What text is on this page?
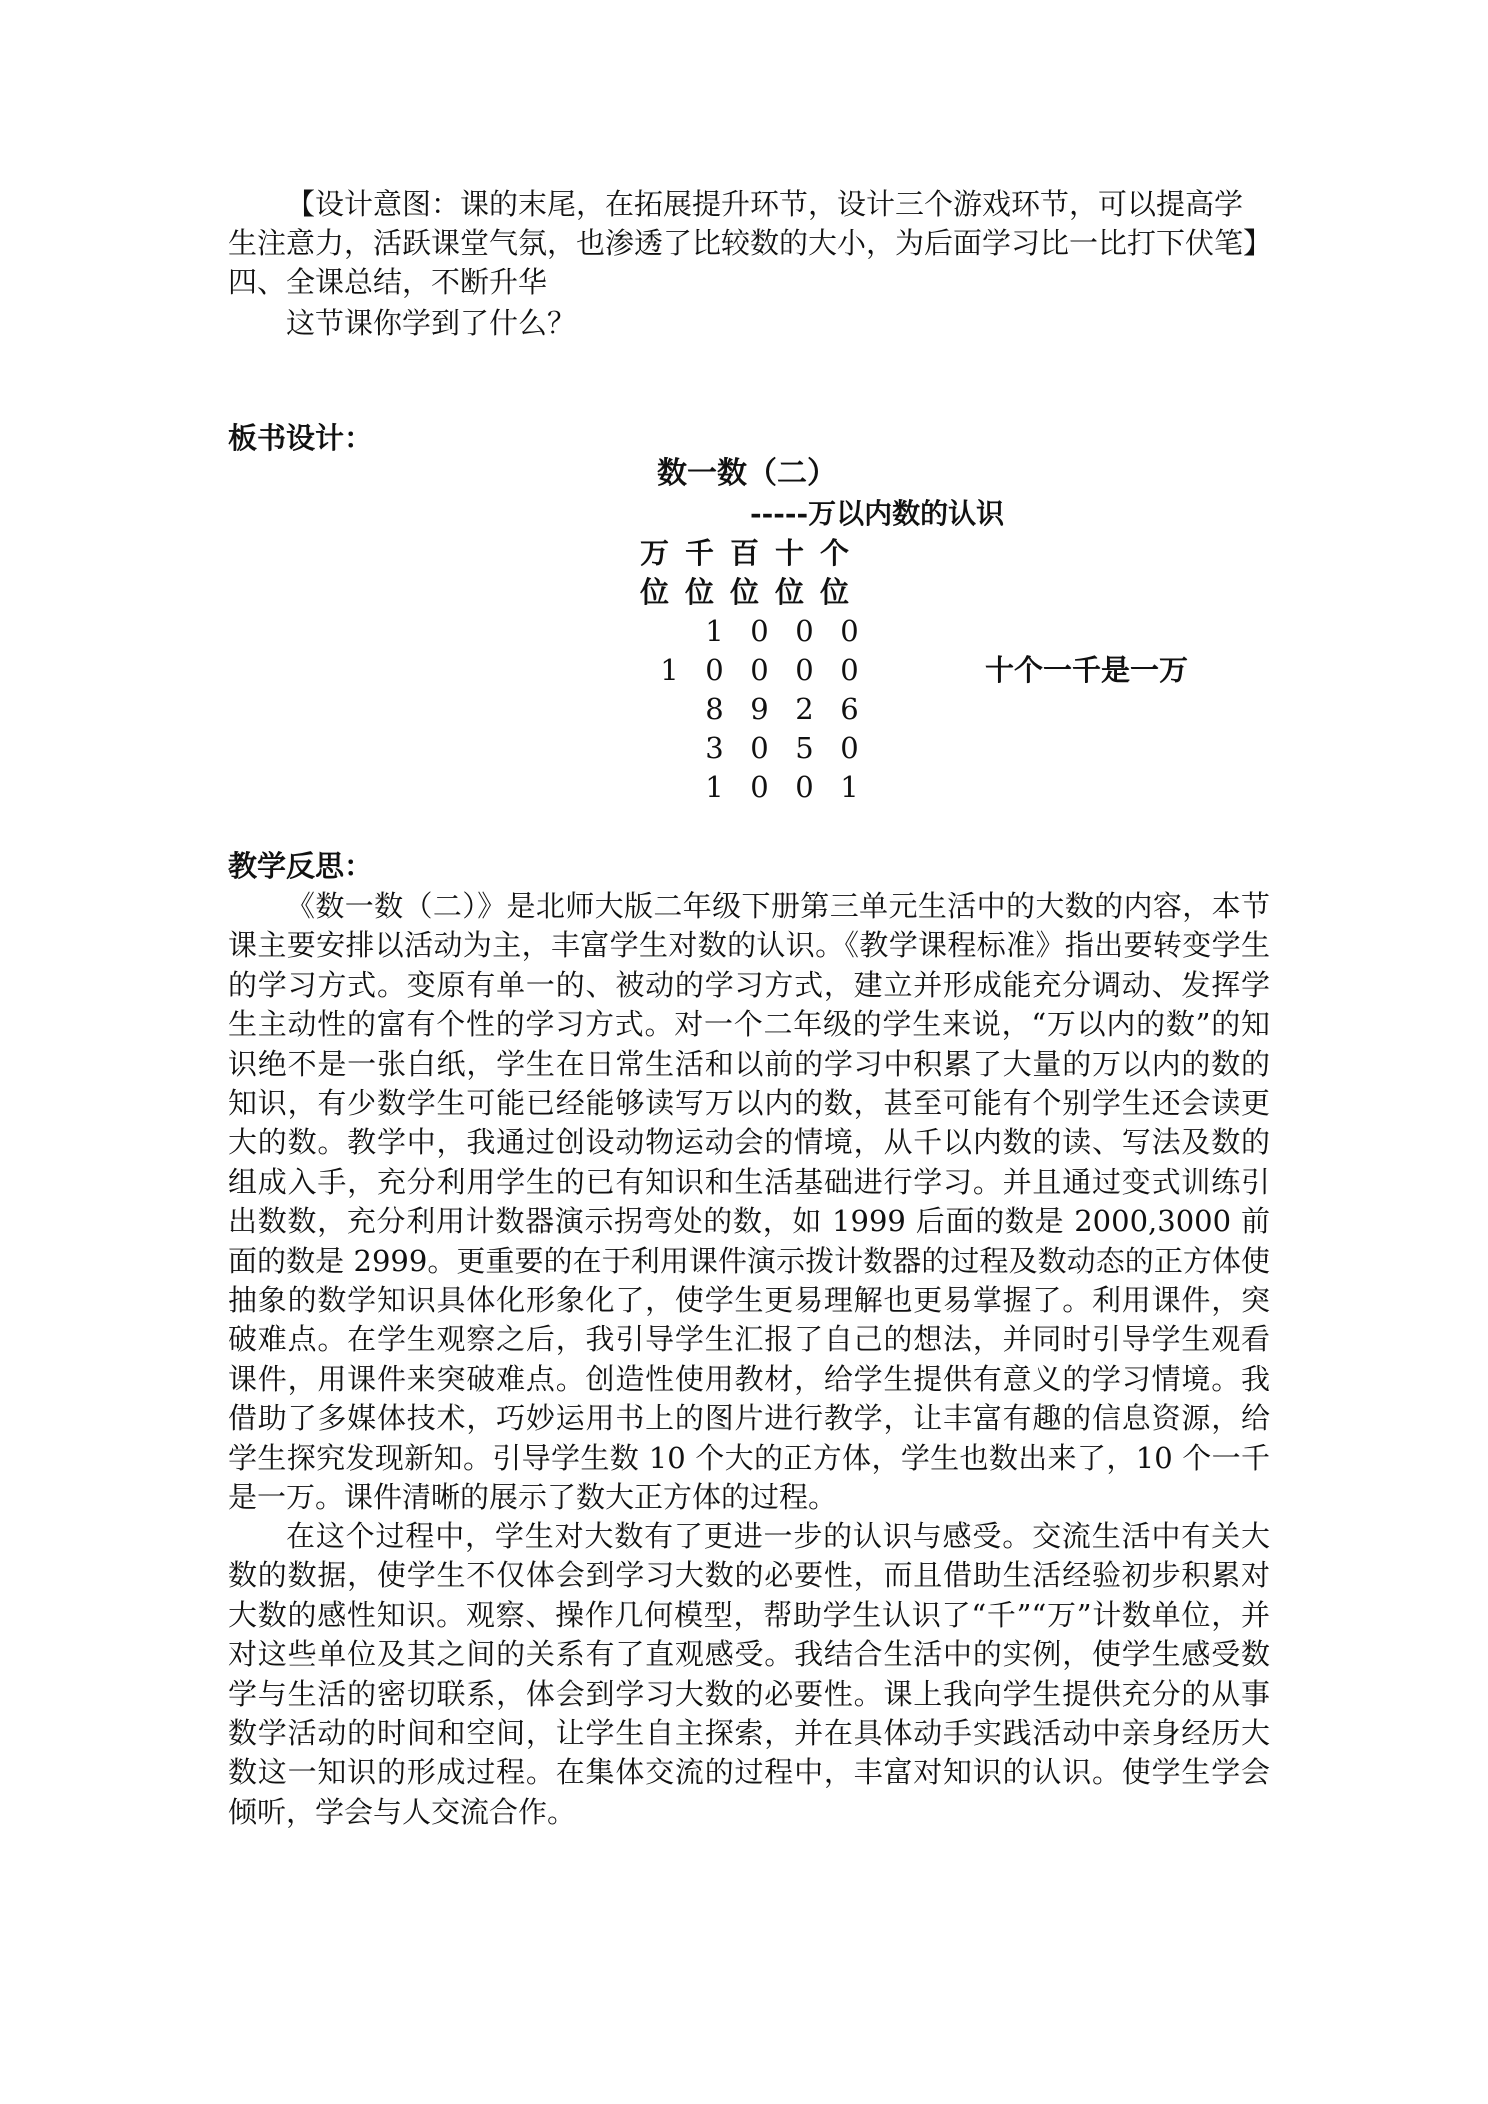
【设计意图：课的末尾，在拓展提升环节，设计三个游戏环节，可以提高学
生注意力，活跃课堂气氛，也渗透了比较数的大小，为后面学习比一比打下伏笔】
四、全课总结，不断升华
这节课你学到了什么？
板书设计：
数一数（二）
-----万以内数的认识
万 千 百 十 个
位 位 位 位 位
1 0 0 0
1 0 0 0 0	十个一千是一万
8 9 2 6
3 0 5 0
1 0 0 1
教学反思：
《数一数（二）》是北师大版二年级下册第三单元生活中的大数的内容，本节课主要安排以活动为主，丰富学生对数的认识。《教学课程标准》指出要转变学生的学习方式。变原有单一的、被动的学习方式，建立并形成能充分调动、发挥学生主动性的富有个性的学习方式。对一个二年级的学生来说，“万以内的数”的知识绝不是一张白纸，学生在日常生活和以前的学习中积累了大量的万以内的数的知识，有少数学生可能已经能够读写万以内的数，甚至可能有个别学生还会读更大的数。教学中，我通过创设动物运动会的情境，从千以内数的读、写法及数的组成入手，充分利用学生的已有知识和生活基础进行学习。并且通过变式训练引出数数，充分利用计数器演示拐弯处的数，如 1999 后面的数是 2000,3000 前面的数是 2999。更重要的在于利用课件演示拨计数器的过程及数动态的正方体使抽象的数学知识具体化形象化了，使学生更易理解也更易掌握了。利用课件，突破难点。在学生观察之后，我引导学生汇报了自己的想法，并同时引导学生观看课件，用课件来突破难点。创造性使用教材，给学生提供有意义的学习情境。我借助了多媒体技术，巧妙运用书上的图片进行教学，让丰富有趣的信息资源，给学生探究发现新知。引导学生数 10 个大的正方体，学生也数出来了，10 个一千是一万。课件清晰的展示了数大正方体的过程。
在这个过程中，学生对大数有了更进一步的认识与感受。交流生活中有关大数的数据，使学生不仅体会到学习大数的必要性，而且借助生活经验初步积累对大数的感性知识。观察、操作几何模型，帮助学生认识了“千”“万”计数单位，并对这些单位及其之间的关系有了直观感受。我结合生活中的实例，使学生感受数学与生活的密切联系，体会到学习大数的必要性。课上我向学生提供充分的从事数学活动的时间和空间，让学生自主探索，并在具体动手实践活动中亲身经历大数这一知识的形成过程。在集体交流的过程中，丰富对知识的认识。使学生学会倾听，学会与人交流合作。
